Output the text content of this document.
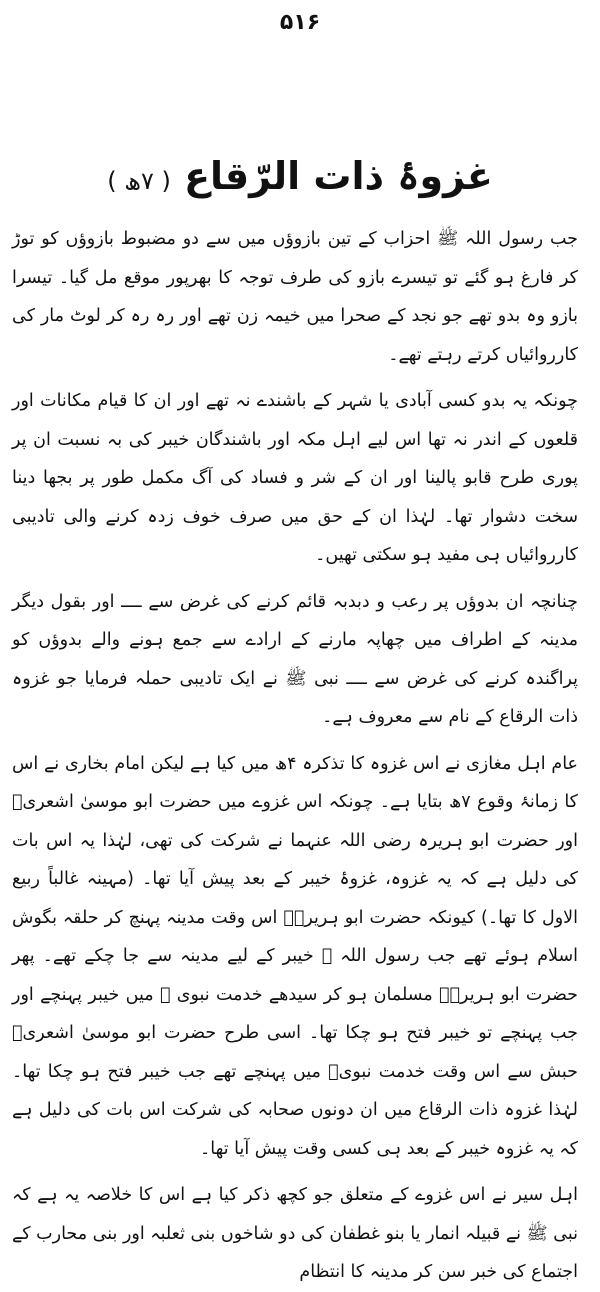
۵۱۶
غزوۂ ذات الرّقاع ( ۷ھ )

جب رسول اللہ ﷺ احزاب کے تین بازوؤں میں سے دو مضبوط بازوؤں کو توڑ کر فارغ ہو گئے تو تیسرے بازو کی طرف توجہ کا بھرپور موقع مل گیا۔ تیسرا بازو وہ بدو تھے جو نجد کے صحرا میں خیمہ زن تھے اور رہ رہ کر لوٹ مار کی کارروائیاں کرتے رہتے تھے۔

چونکہ یہ بدو کسی آبادی یا شہر کے باشندے نہ تھے اور ان کا قیام مکانات اور قلعوں کے اندر نہ تھا اس لیے اہل مکہ اور باشندگان خیبر کی بہ نسبت ان پر پوری طرح قابو پالینا اور ان کے شر و فساد کی آگ مکمل طور پر بجھا دینا سخت دشوار تھا۔ لہٰذا ان کے حق میں صرف خوف زدہ کرنے والی تادیبی کارروائیاں ہی مفید ہو سکتی تھیں۔

چنانچہ ان بدوؤں پر رعب و دبدبہ قائم کرنے کی غرض سے ــــ اور بقول دیگر مدینہ کے اطراف میں چھاپہ مارنے کے ارادے سے جمع ہونے والے بدوؤں کو پراگندہ کرنے کی غرض سے ــــ نبی ﷺ نے ایک تادیبی حملہ فرمایا جو غزوہ ذات الرقاع کے نام سے معروف ہے۔

عام اہل مغازی نے اس غزوہ کا تذکرہ ۴ھ میں کیا ہے لیکن امام بخاری نے اس کا زمانۂ وقوع ۷ھ بتایا ہے۔ چونکہ اس غزوے میں حضرت ابو موسیٰ اشعریؓ اور حضرت ابو ہریرہ رضی اللہ عنہما نے شرکت کی تھی، لہٰذا یہ اس بات کی دلیل ہے کہ یہ غزوہ، غزوۂ خیبر کے بعد پیش آیا تھا۔ (مہینہ غالباً ربیع الاول کا تھا۔) کیونکہ حضرت ابو ہریرہؓ اس وقت مدینہ پہنچ کر حلقہ بگوش اسلام ہوئے تھے جب رسول اللہ ﷺ خیبر کے لیے مدینہ سے جا چکے تھے۔ پھر حضرت ابو ہریرہؓ مسلمان ہو کر سیدھے خدمت نبوی ﷺ میں خیبر پہنچے اور جب پہنچے تو خیبر فتح ہو چکا تھا۔ اسی طرح حضرت ابو موسیٰ اشعریؓ حبش سے اس وقت خدمت نبویؐ میں پہنچے تھے جب خیبر فتح ہو چکا تھا۔ لہٰذا غزوہ ذات الرقاع میں ان دونوں صحابہ کی شرکت اس بات کی دلیل ہے کہ یہ غزوہ خیبر کے بعد ہی کسی وقت پیش آیا تھا۔

اہل سیر نے اس غزوے کے متعلق جو کچھ ذکر کیا ہے اس کا خلاصہ یہ ہے کہ نبی ﷺ نے قبیلہ انمار یا بنو غطفان کی دو شاخوں بنی ثعلبہ اور بنی محارب کے اجتماع کی خبر سن کر مدینہ کا انتظام
